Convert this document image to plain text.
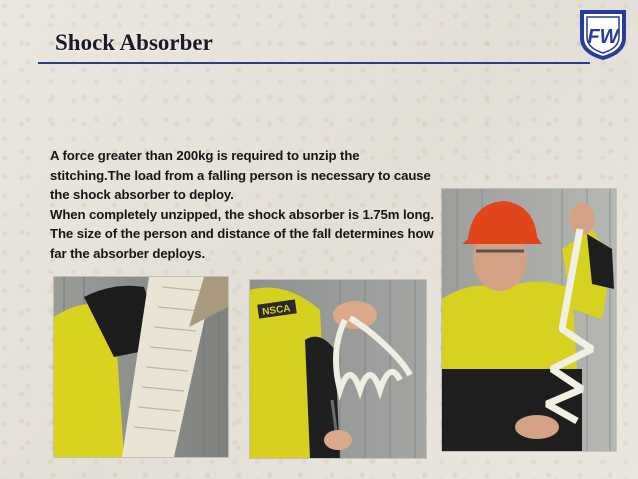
Shock Absorber	FW

A force greater than 200kg is required to unzip the stitching.The load from a falling person is necessary to cause the shock absorber to deploy.

When completely unzipped, the shock absorber is 1.75m long. The size of the person and distance of the fall determines how far the absorber deploys.

NSCA
